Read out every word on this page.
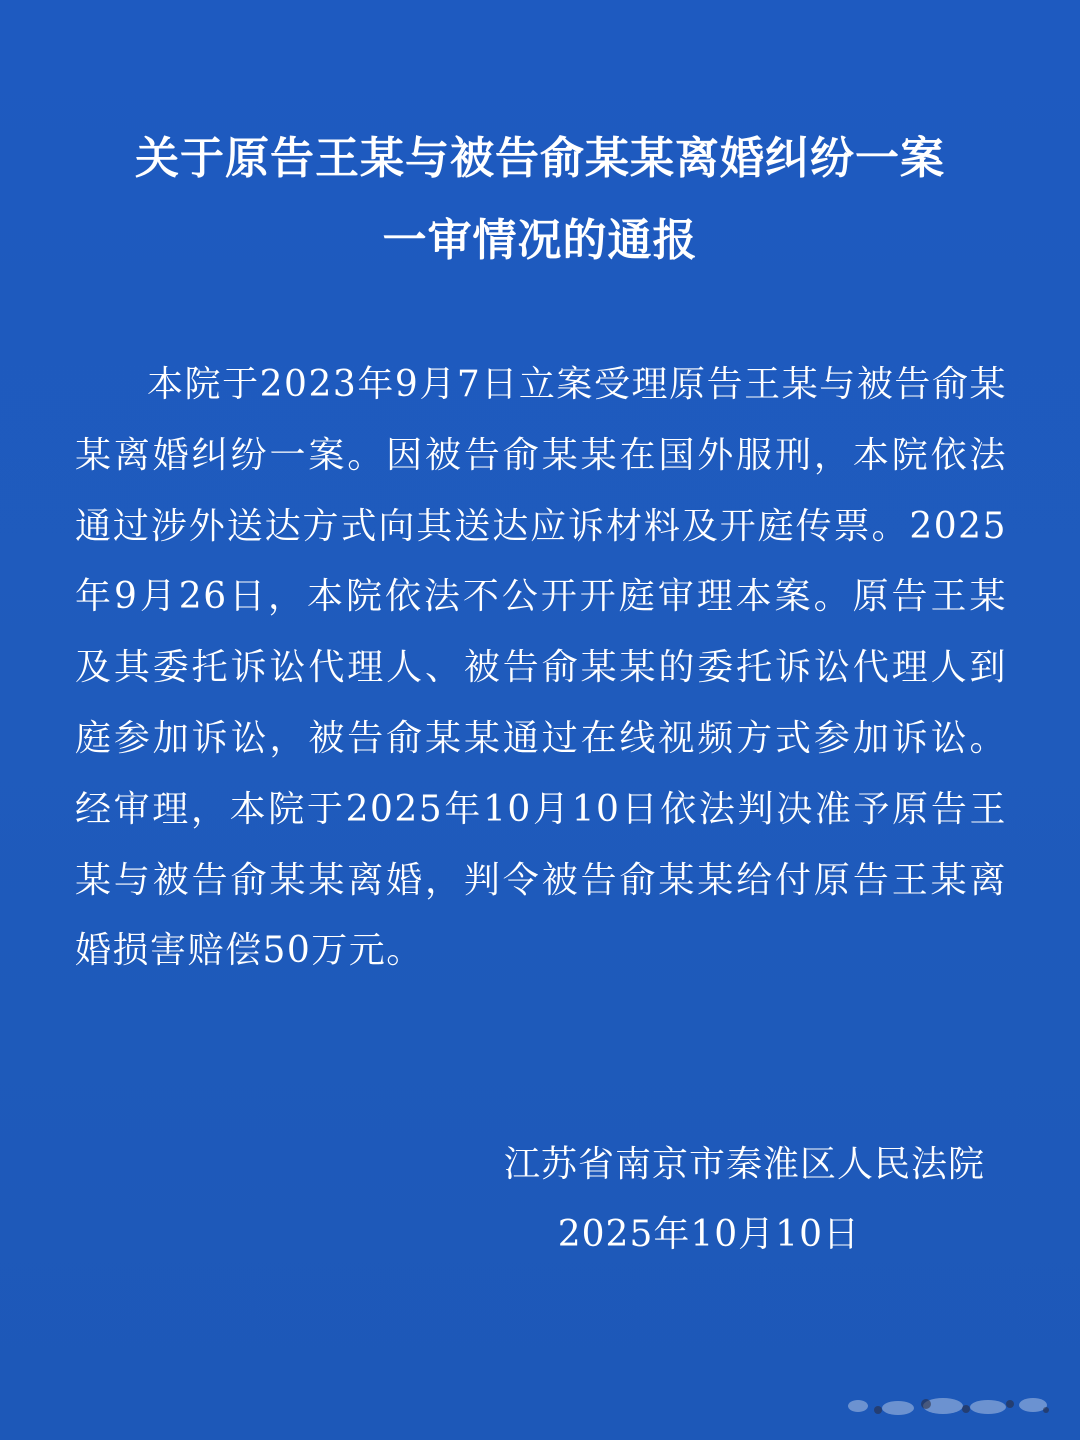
关于原告王某与被告俞某某离婚纠纷一案
一审情况的通报

本院于2023年9月7日立案受理原告王某与被告俞某某离婚纠纷一案。因被告俞某某在国外服刑，本院依法通过涉外送达方式向其送达应诉材料及开庭传票。2025年9月26日，本院依法不公开开庭审理本案。原告王某及其委托诉讼代理人、被告俞某某的委托诉讼代理人到庭参加诉讼，被告俞某某通过在线视频方式参加诉讼。经审理，本院于2025年10月10日依法判决准予原告王某与被告俞某某离婚，判令被告俞某某给付原告王某离婚损害赔偿50万元。

江苏省南京市秦淮区人民法院
2025年10月10日
